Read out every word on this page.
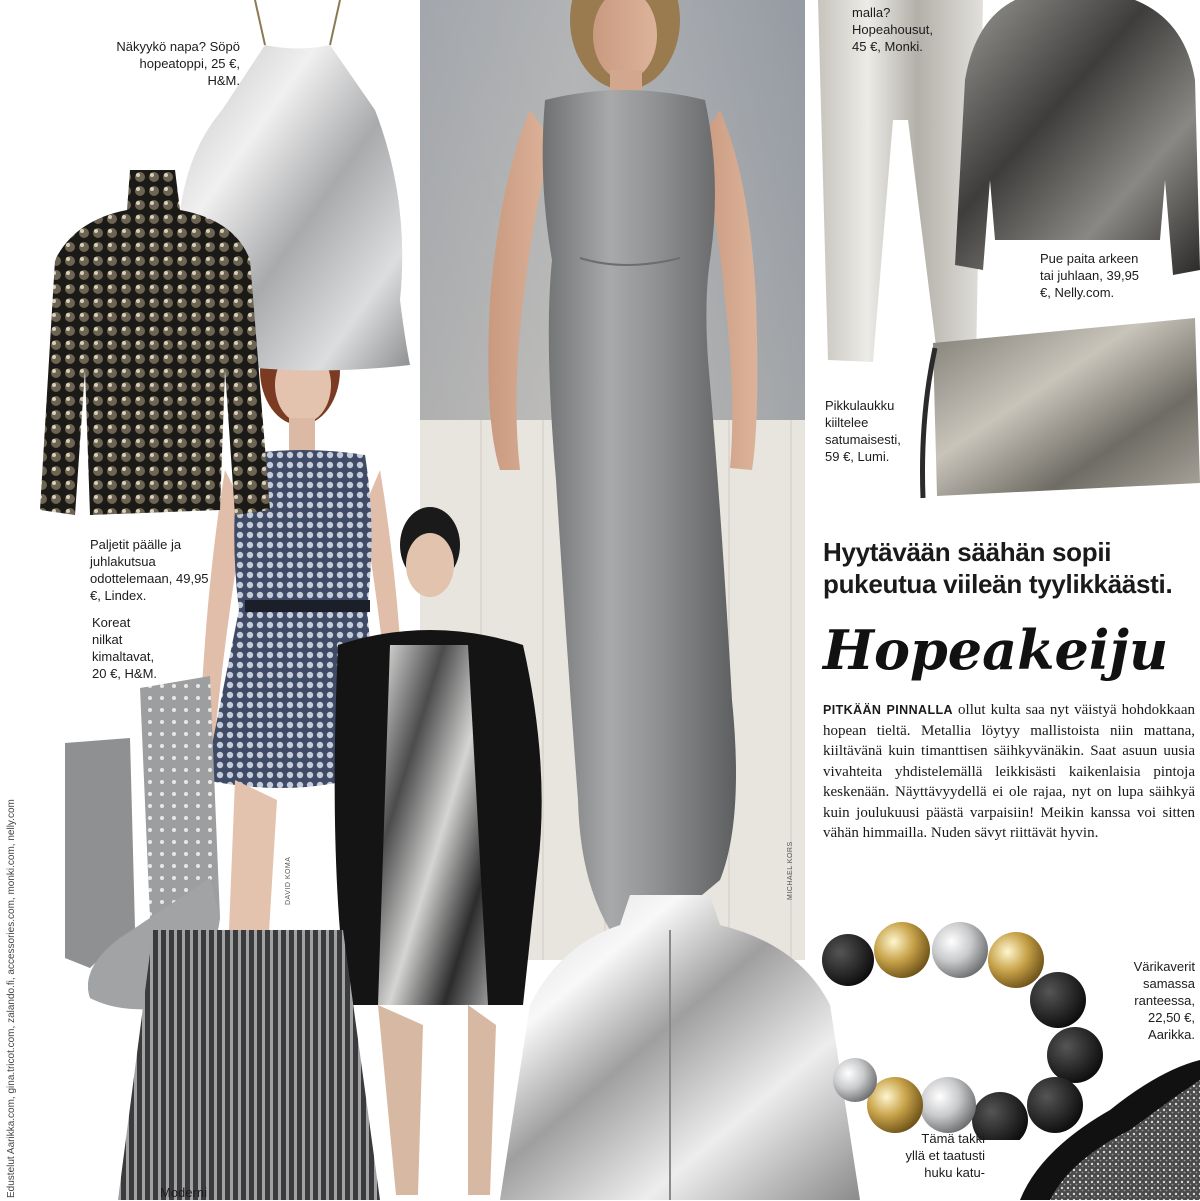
DAVID KOMA	MICHAEL KORS
Edustelut Aarikka.com, gina.tricot.com, zalando.fi, accessories.com, monki.com, nelly.com
Näkyykö napa? Söpö hopeatoppi, 25 €, H&M.
Paljetit päälle ja juhlakutsua odottelemaan, 49,95 €, Lindex.
Koreat nilkat kimaltavat, 20 €, H&M.
Moderni
malla? Hopeahousut, 45 €, Monki.
Pue paita arkeen tai juhlaan, 39,95 €, Nelly.com.
Pikkulaukku kiiltelee satumaisesti, 59 €, Lumi.
Värikaverit samassa ranteessa, 22,50 €, Aarikka.
Tämä takki yllä et taatusti huku katu-
Hyytävään säähän sopii pukeutua viileän tyylikkäästi.
Hopeakeiju
PITKÄÄN PINNALLA ollut kulta saa nyt väistyä hohdokkaan hopean tieltä. Metallia löytyy mallistoista niin mattana, kiiltävänä kuin timanttisen säihkyvänäkin. Saat asuun uusia vivahteita yhdistelemällä leikkisästi kaikenlaisia pintoja keskenään. Näyttävyydellä ei ole rajaa, nyt on lupa säihkyä kuin joulukuusi päästä varpaisiin! Meikin kanssa voi sitten vähän himmailla. Nuden sävyt riittävät hyvin.
